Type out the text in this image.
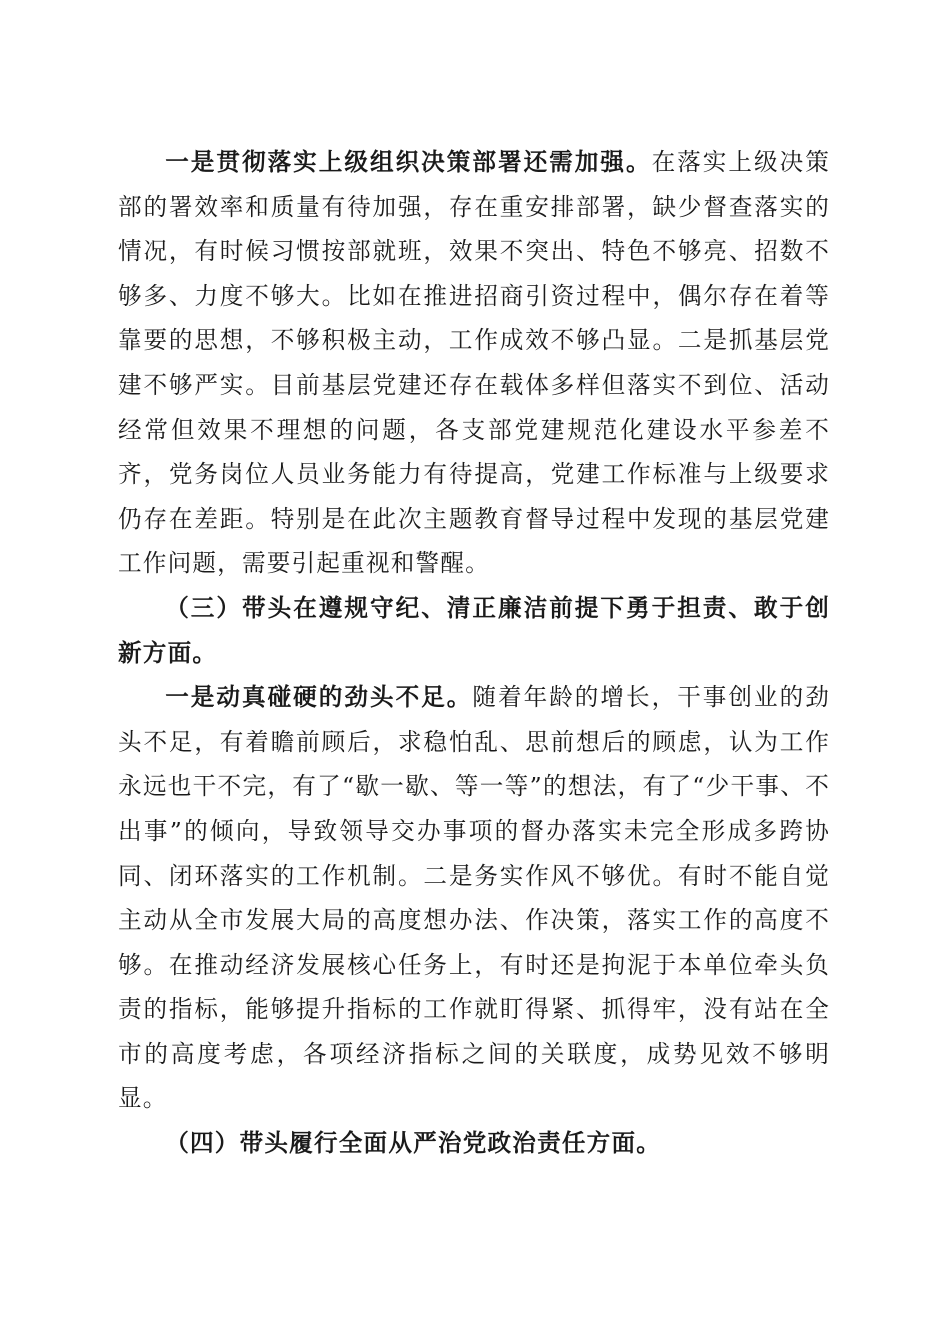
一是贯彻落实上级组织决策部署还需加强。在落实上级决策部的署效率和质量有待加强，存在重安排部署，缺少督查落实的情况，有时候习惯按部就班，效果不突出、特色不够亮、招数不够多、力度不够大。比如在推进招商引资过程中，偶尔存在着等靠要的思想，不够积极主动，工作成效不够凸显。二是抓基层党建不够严实。目前基层党建还存在载体多样但落实不到位、活动经常但效果不理想的问题，各支部党建规范化建设水平参差不齐，党务岗位人员业务能力有待提高，党建工作标准与上级要求仍存在差距。特别是在此次主题教育督导过程中发现的基层党建工作问题，需要引起重视和警醒。

（三）带头在遵规守纪、清正廉洁前提下勇于担责、敢于创新方面。

一是动真碰硬的劲头不足。随着年龄的增长，干事创业的劲头不足，有着瞻前顾后，求稳怕乱、思前想后的顾虑，认为工作永远也干不完，有了“歇一歇、等一等”的想法，有了“少干事、不出事”的倾向，导致领导交办事项的督办落实未完全形成多跨协同、闭环落实的工作机制。二是务实作风不够优。有时不能自觉主动从全市发展大局的高度想办法、作决策，落实工作的高度不够。在推动经济发展核心任务上，有时还是拘泥于本单位牵头负责的指标，能够提升指标的工作就盯得紧、抓得牢，没有站在全市的高度考虑，各项经济指标之间的关联度，成势见效不够明显。

（四）带头履行全面从严治党政治责任方面。
